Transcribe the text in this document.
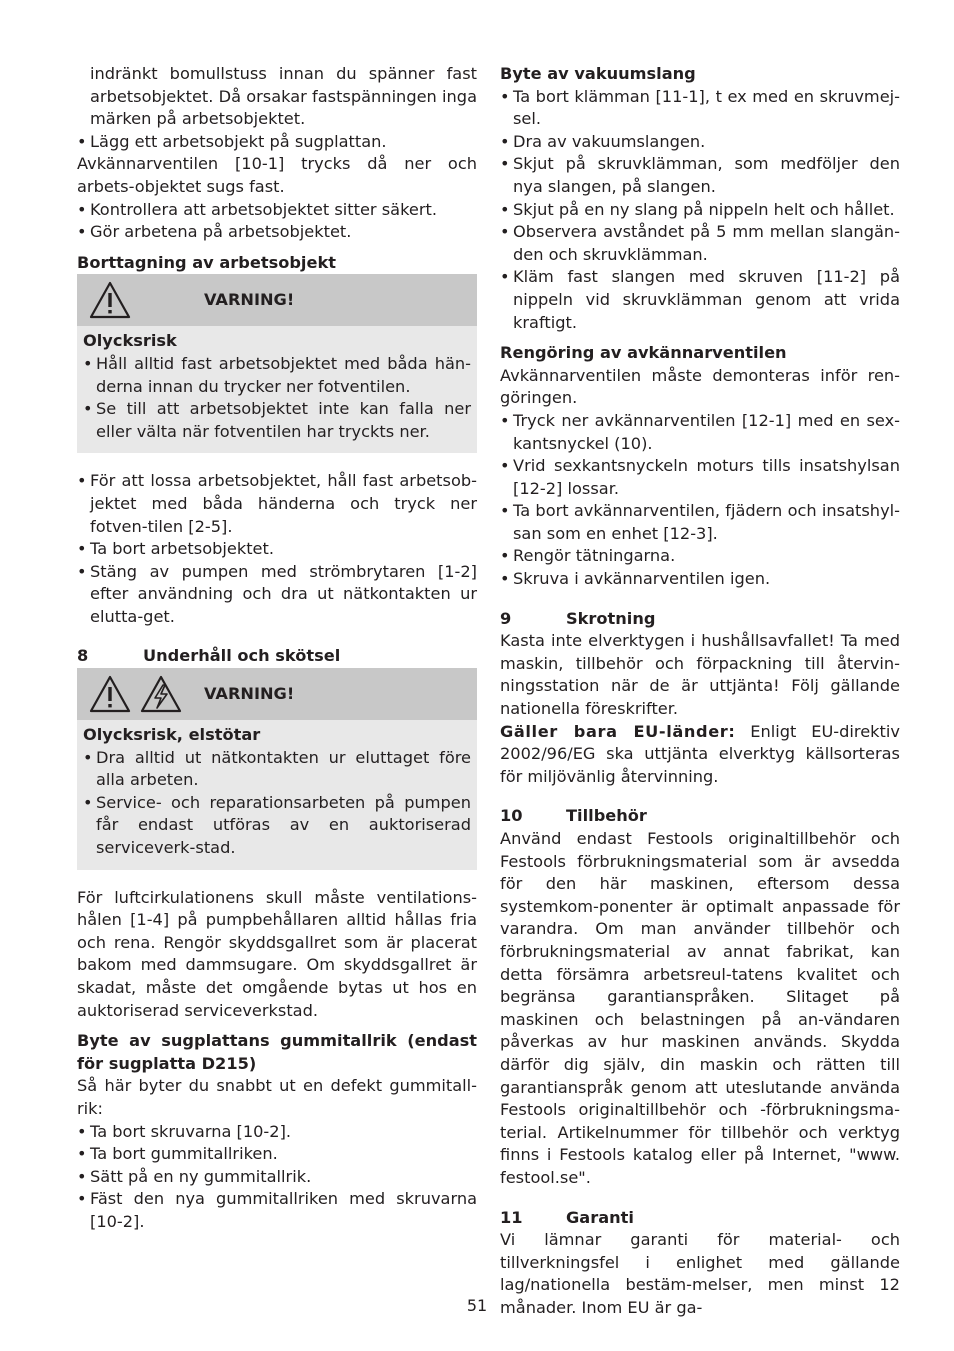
indränkt bomullstuss innan du spänner fast arbetsobjektet. Då orsakar fastspänningen inga märken på arbetsobjektet.

• Lägg ett arbetsobjekt på sugplattan.

Avkännarventilen [10-1] trycks då ner och arbets-objektet sugs fast.

• Kontrollera att arbetsobjektet sitter säkert.
• Gör arbetena på arbetsobjektet.

Borttagning av arbetsobjekt

VARNING!

Olycksrisk

• Håll alltid fast arbetsobjektet med båda hän-derna innan du trycker ner fotventilen.
• Se till att arbetsobjektet inte kan falla ner eller välta när fotventilen har tryckts ner.
• För att lossa arbetsobjektet, håll fast arbetsob-jektet med båda händerna och tryck ner fotven-tilen [2-5].
• Ta bort arbetsobjektet.
• Stäng av pumpen med strömbrytaren [1-2] efter användning och dra ut nätkontakten ur elutta-get.

8	Underhåll och skötsel

VARNING!

Olycksrisk, elstötar

• Dra alltid ut nätkontakten ur eluttaget före alla arbeten.
• Service- och reparationsarbeten på pumpen får endast utföras av en auktoriserad serviceverk-stad.

För luftcirkulationens skull måste ventilations-hålen [1-4] på pumpbehållaren alltid hållas fria och rena. Rengör skyddsgallret som är placerat bakom med dammsugare. Om skyddsgallret är skadat, måste det omgående bytas ut hos en auktoriserad serviceverkstad.

Byte av sugplattans gummitallrik (endast för sugplatta D215)

Så här byter du snabbt ut en defekt gummitall-rik:

• Ta bort skruvarna [10-2].
• Ta bort gummitallriken.
• Sätt på en ny gummitallrik.
• Fäst den nya gummitallriken med skruvarna [10-2].

Byte av vakuumslang

• Ta bort klämman [11-1], t ex med en skruvmej-sel.
• Dra av vakuumslangen.
• Skjut på skruvklämman, som medföljer den nya slangen, på slangen.
• Skjut på en ny slang på nippeln helt och hållet.
• Observera avståndet på 5 mm mellan slangän-den och skruvklämman.
• Kläm fast slangen med skruven [11-2] på nippeln vid skruvklämman genom att vrida kraftigt.

Rengöring av avkännarventilen

Avkännarventilen måste demonteras inför ren-göringen.

• Tryck ner avkännarventilen [12-1] med en sex-kantsnyckel (10).
• Vrid sexkantsnyckeln moturs tills insatshylsan [12-2] lossar.
• Ta bort avkännarventilen, fjädern och insatshyl-san som en enhet [12-3].
• Rengör tätningarna.
• Skruva i avkännarventilen igen.

9	Skrotning

Kasta inte elverktygen i hushållsavfallet! Ta med maskin, tillbehör och förpackning till återvin-ningsstation när de är uttjänta! Följ gällande nationella föreskrifter.

Gäller bara EU-länder: Enligt EU-direktiv 2002/96/EG ska uttjänta elverktyg källsorteras för miljövänlig återvinning.

10	Tillbehör

Använd endast Festools originaltillbehör och Festools förbrukningsmaterial som är avsedda för den här maskinen, eftersom dessa systemkom-ponenter är optimalt anpassade för varandra. Om man använder tillbehör och förbrukningsmaterial av annat fabrikat, kan detta försämra arbetsreul-tatens kvalitet och begränsa garantianspråken. Slitaget på maskinen och belastningen på an-vändaren påverkas av hur maskinen används. Skydda därför dig själv, din maskin och rätten till garantianspråk genom att uteslutande använda Festools originaltillbehör och -förbrukningsma-terial. Artikelnummer för tillbehör och verktyg finns i Festools katalog eller på Internet, "www. festool.se".

11	Garanti

Vi lämnar garanti för material- och tillverkningsfel i enlighet med gällande lag/nationella bestäm-melser, men minst 12 månader. Inom EU är ga-

51
